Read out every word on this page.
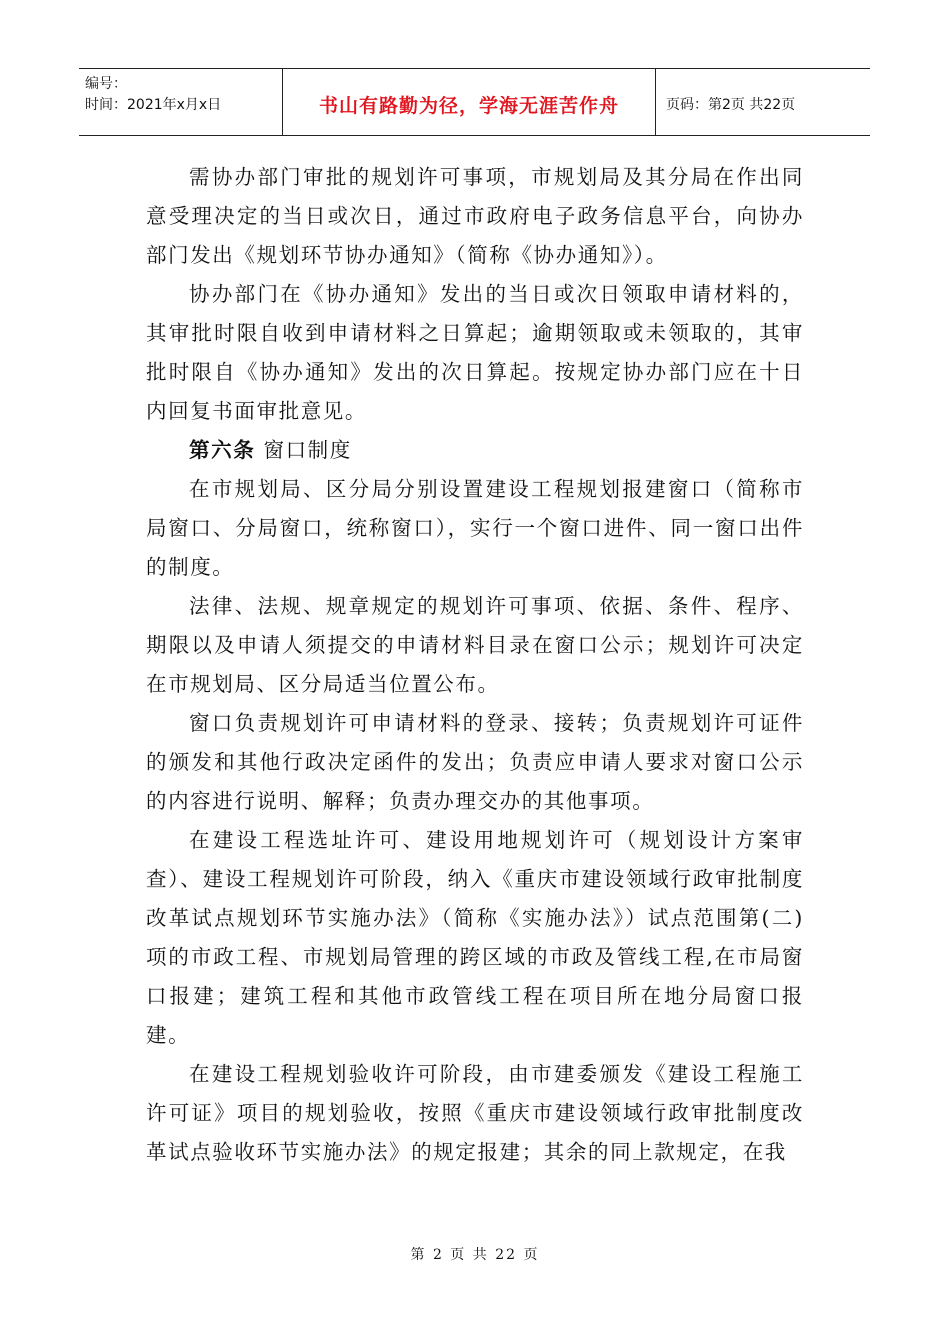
编号：
时间：2021年x月x日	书山有路勤为径，学海无涯苦作舟	页码：第2页 共22页

需协办部门审批的规划许可事项，市规划局及其分局在作出同意受理决定的当日或次日，通过市政府电子政务信息平台，向协办部门发出《规划环节协办通知》（简称《协办通知》）。

协办部门在《协办通知》发出的当日或次日领取申请材料的，其审批时限自收到申请材料之日算起；逾期领取或未领取的，其审批时限自《协办通知》发出的次日算起。按规定协办部门应在十日内回复书面审批意见。

第六条 窗口制度

在市规划局、区分局分别设置建设工程规划报建窗口（简称市局窗口、分局窗口，统称窗口），实行一个窗口进件、同一窗口出件的制度。

法律、法规、规章规定的规划许可事项、依据、条件、程序、期限以及申请人须提交的申请材料目录在窗口公示；规划许可决定在市规划局、区分局适当位置公布。

窗口负责规划许可申请材料的登录、接转；负责规划许可证件的颁发和其他行政决定函件的发出；负责应申请人要求对窗口公示的内容进行说明、解释；负责办理交办的其他事项。

在建设工程选址许可、建设用地规划许可（规划设计方案审查）、建设工程规划许可阶段，纳入《重庆市建设领域行政审批制度改革试点规划环节实施办法》（简称《实施办法》）试点范围第(二)项的市政工程、市规划局管理的跨区域的市政及管线工程,在市局窗口报建；建筑工程和其他市政管线工程在项目所在地分局窗口报建。

在建设工程规划验收许可阶段，由市建委颁发《建设工程施工许可证》项目的规划验收，按照《重庆市建设领域行政审批制度改革试点验收环节实施办法》的规定报建；其余的同上款规定，在我

第 2 页 共 22 页
